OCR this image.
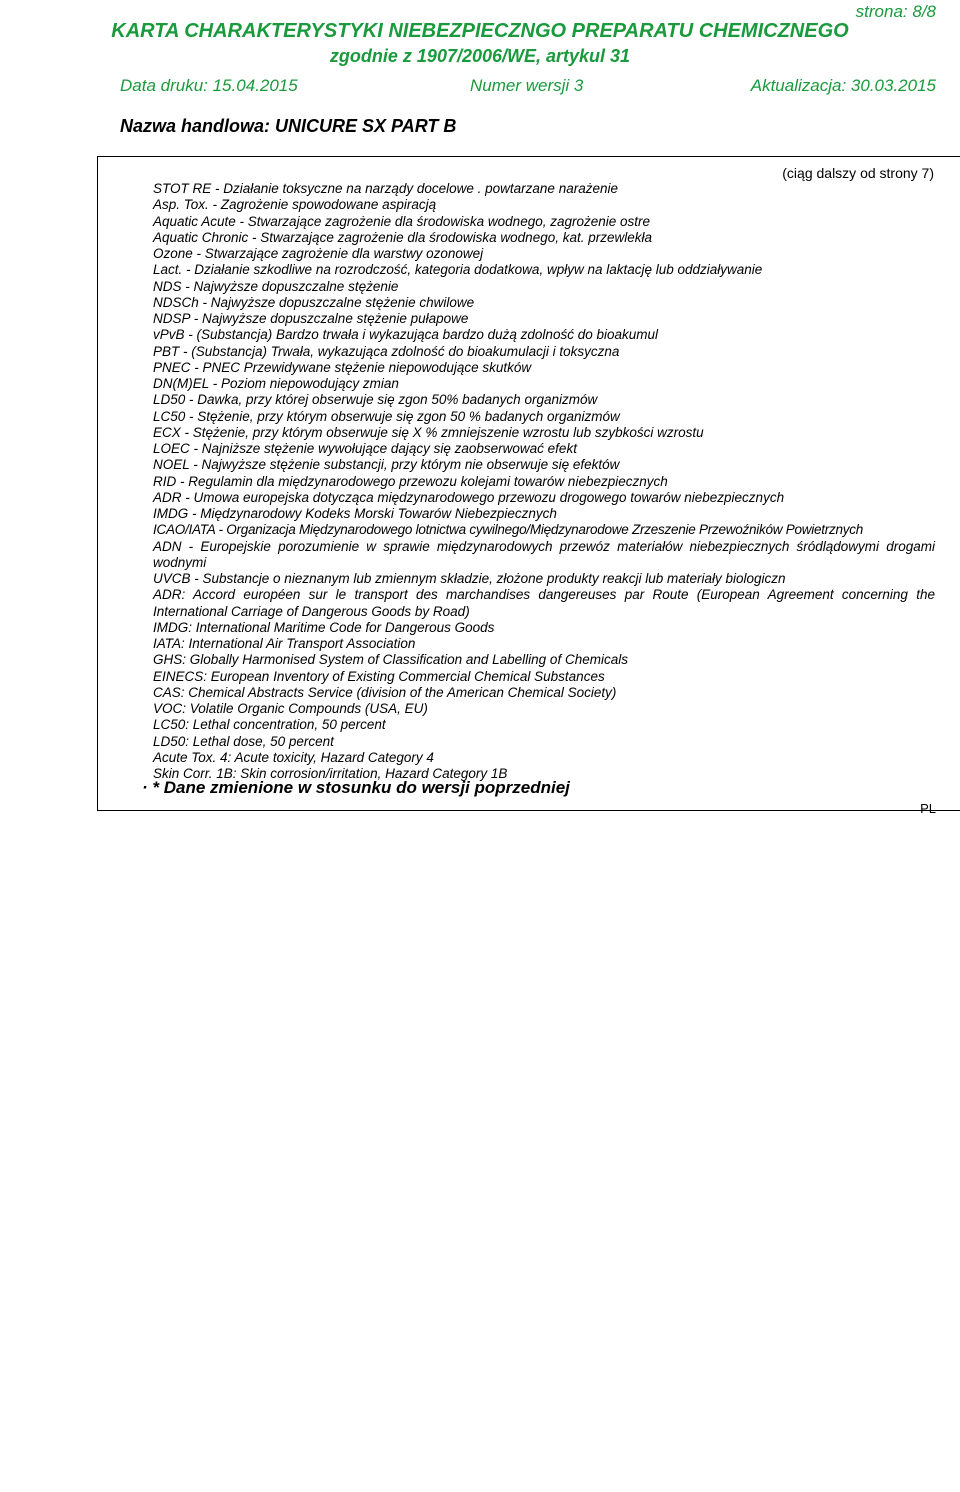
strona: 8/8
KARTA CHARAKTERYSTYKI NIEBEZPIECZNGO PREPARATU CHEMICZNEGO
zgodnie z 1907/2006/WE, artykul 31
Data druku: 15.04.2015	Numer wersji 3	Aktualizacja: 30.03.2015
Nazwa handlowa: UNICURE SX PART B
(ciąg dalszy od strony 7)
STOT RE - Działanie toksyczne na narządy docelowe . powtarzane narażenie
Asp. Tox. - Zagrożenie spowodowane aspiracją
Aquatic Acute - Stwarzające zagrożenie dla środowiska wodnego, zagrożenie ostre
Aquatic Chronic - Stwarzające zagrożenie dla środowiska wodnego, kat. przewlekła
Ozone - Stwarzające zagrożenie dla warstwy ozonowej
Lact. - Działanie szkodliwe na rozrodczość, kategoria dodatkowa, wpływ na laktację lub oddziaływanie
NDS - Najwyższe dopuszczalne stężenie
NDSCh - Najwyższe dopuszczalne stężenie chwilowe
NDSP - Najwyższe dopuszczalne stężenie pułapowe
vPvB - (Substancja) Bardzo trwała i wykazująca bardzo dużą zdolność do bioakumul
PBT - (Substancja) Trwała, wykazująca zdolność do bioakumulacji i toksyczna
PNEC - PNEC Przewidywane stężenie niepowodujące skutków
DN(M)EL - Poziom niepowodujący zmian
LD50 - Dawka, przy której obserwuje się zgon 50% badanych organizmów
LC50 - Stężenie, przy którym obserwuje się zgon 50 % badanych organizmów
ECX - Stężenie, przy którym obserwuje się X % zmniejszenie wzrostu lub szybkości wzrostu
LOEC - Najniższe stężenie wywołujące dający się zaobserwować efekt
NOEL - Najwyższe stężenie substancji, przy którym nie obserwuje się efektów
RID - Regulamin dla międzynarodowego przewozu kolejami towarów niebezpiecznych
ADR - Umowa europejska dotycząca międzynarodowego przewozu drogowego towarów niebezpiecznych
IMDG - Międzynarodowy Kodeks Morski Towarów Niebezpiecznych
ICAO/IATA - Organizacja Międzynarodowego lotnictwa cywilnego/Międzynarodowe Zrzeszenie Przewoźników Powietrznych
ADN - Europejskie porozumienie w sprawie międzynarodowych przewóz materiałów niebezpiecznych śródlądowymi drogami wodnymi
UVCB - Substancje o nieznanym lub zmiennym składzie, złożone produkty reakcji lub materiały biologiczn
ADR: Accord européen sur le transport des marchandises dangereuses par Route (European Agreement concerning the International Carriage of Dangerous Goods by Road)
IMDG: International Maritime Code for Dangerous Goods
IATA: International Air Transport Association
GHS: Globally Harmonised System of Classification and Labelling of Chemicals
EINECS: European Inventory of Existing Commercial Chemical Substances
CAS: Chemical Abstracts Service (division of the American Chemical Society)
VOC: Volatile Organic Compounds (USA, EU)
LC50: Lethal concentration, 50 percent
LD50: Lethal dose, 50 percent
Acute Tox. 4: Acute toxicity, Hazard Category 4
Skin Corr. 1B: Skin corrosion/irritation, Hazard Category 1B
· * Dane zmienione w stosunku do wersji poprzedniej
PL
